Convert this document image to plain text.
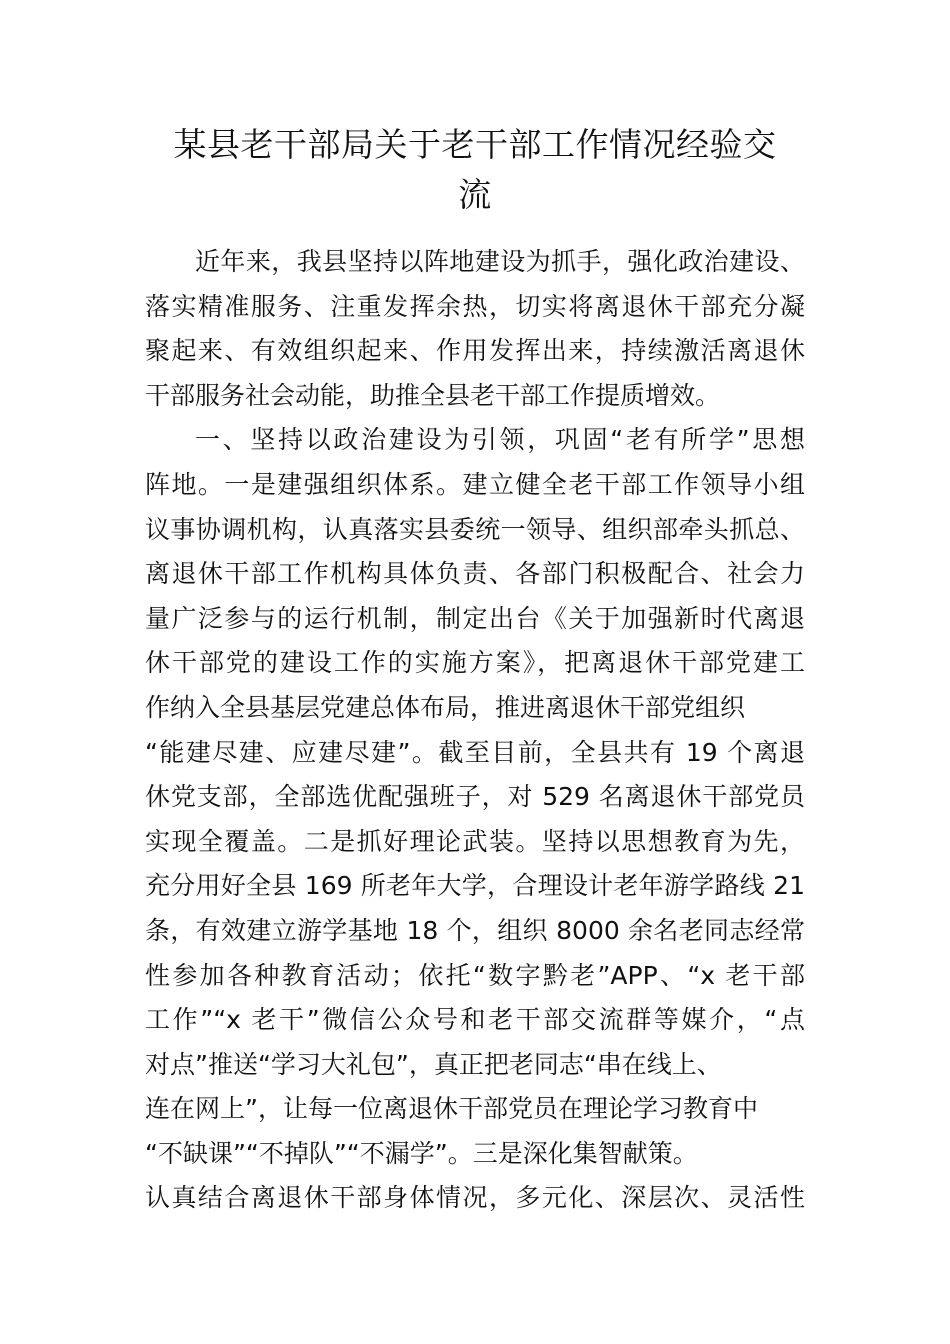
某县老干部局关于老干部工作情况经验交
流
近年来，我县坚持以阵地建设为抓手，强化政治建设、
落实精准服务、注重发挥余热，切实将离退休干部充分凝
聚起来、有效组织起来、作用发挥出来，持续激活离退休
干部服务社会动能，助推全县老干部工作提质增效。
一、坚持以政治建设为引领，巩固“老有所学”思想
阵地。一是建强组织体系。建立健全老干部工作领导小组
议事协调机构，认真落实县委统一领导、组织部牵头抓总、
离退休干部工作机构具体负责、各部门积极配合、社会力
量广泛参与的运行机制，制定出台《关于加强新时代离退
休干部党的建设工作的实施方案》，把离退休干部党建工
作纳入全县基层党建总体布局，推进离退休干部党组织
“能建尽建、应建尽建”。截至目前，全县共有 19 个离退
休党支部，全部选优配强班子，对 529 名离退休干部党员
实现全覆盖。二是抓好理论武装。坚持以思想教育为先，
充分用好全县 169 所老年大学，合理设计老年游学路线 21
条，有效建立游学基地 18 个，组织 8000 余名老同志经常
性参加各种教育活动；依托“数字黔老”APP、“x 老干部
工作”“x 老干”微信公众号和老干部交流群等媒介，“点
对点”推送“学习大礼包”，真正把老同志“串在线上、
连在网上”，让每一位离退休干部党员在理论学习教育中
“不缺课”“不掉队”“不漏学”。三是深化集智献策。
认真结合离退休干部身体情况，多元化、深层次、灵活性
